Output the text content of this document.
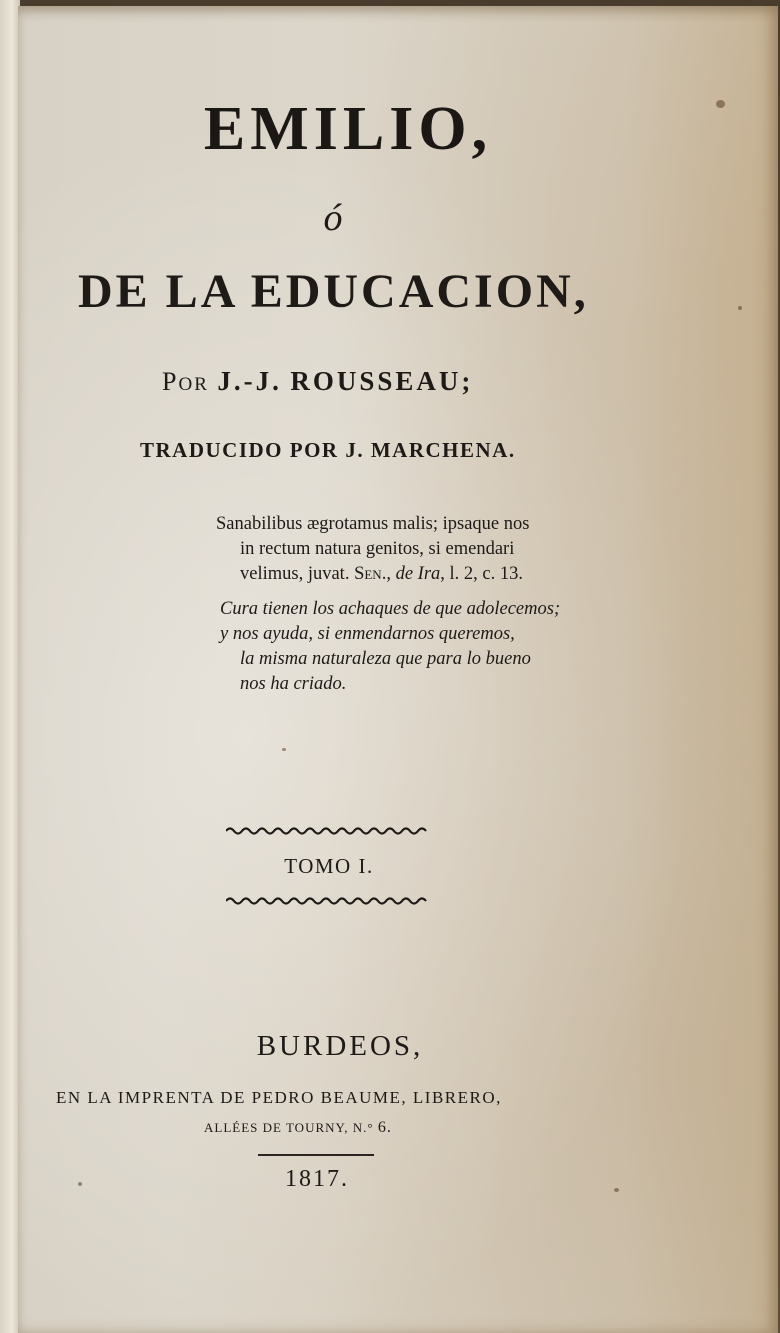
EMILIO,
ó
DE LA EDUCACION,
POR J.-J. ROUSSEAU;
TRADUCIDO POR J. MARCHENA.
Sanabilibus ægrotamus malis; ipsaque nos
in rectum natura genitos, si emendari
velimus, juvat. Sen., de Ira, l. 2, c. 13.
Cura tienen los achaques de que adolecemos;
y nos ayuda, si enmendarnos queremos,
la misma naturaleza que para lo bueno
nos ha criado.
TOMO I.
BURDEOS,
EN LA IMPRENTA DE PEDRO BEAUME, LIBRERO,
ALLÉES DE TOURNY, N.° 6.
1817.
